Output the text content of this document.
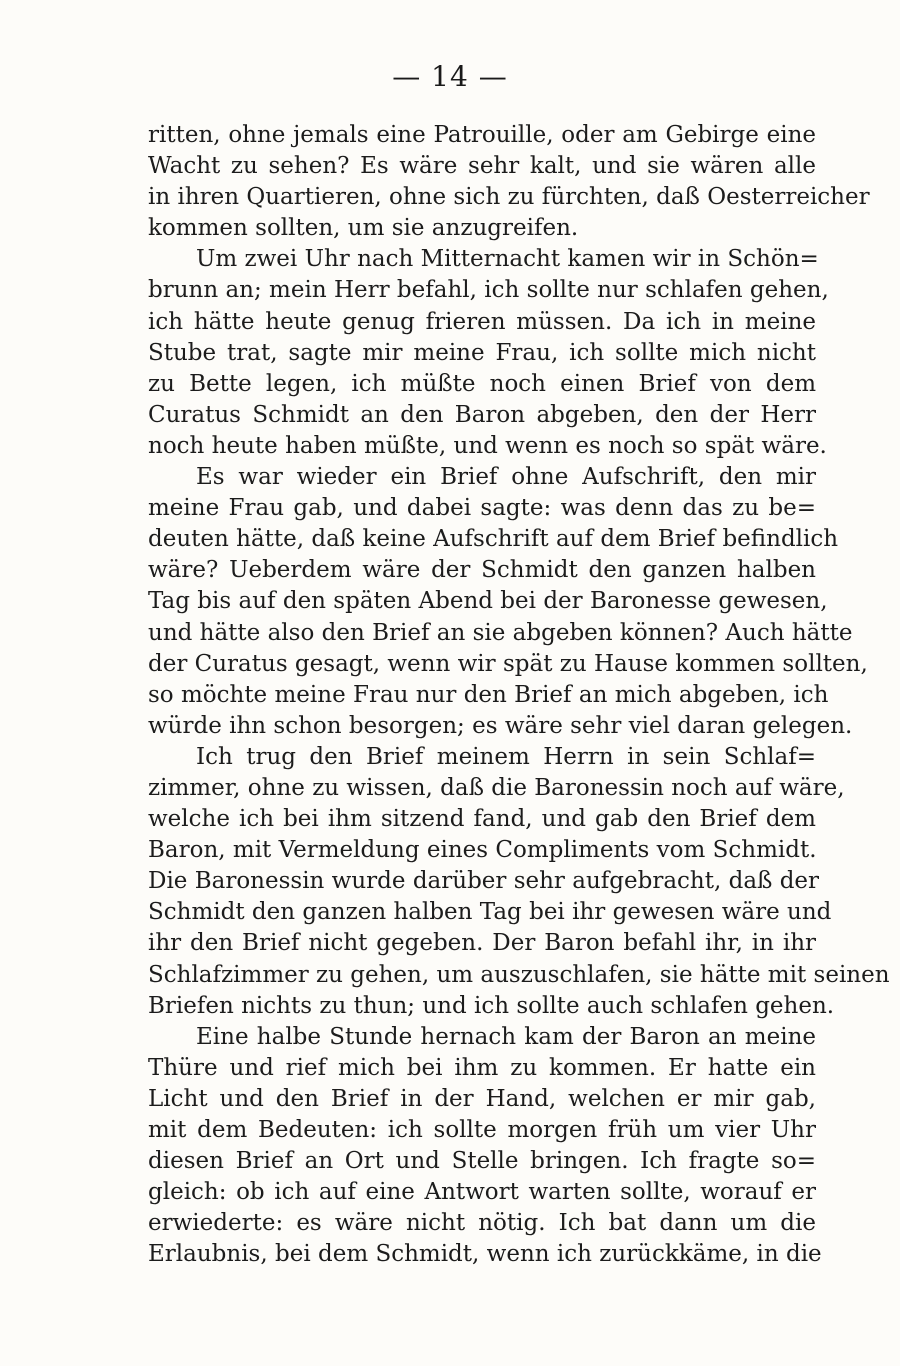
— 14 —
ritten, ohne jemals eine Patrouille, oder am Gebirge eine
Wacht zu sehen? Es wäre sehr kalt, und sie wären alle
in ihren Quartieren, ohne sich zu fürchten, daß Oesterreicher
kommen sollten, um sie anzugreifen.
Um zwei Uhr nach Mitternacht kamen wir in Schön=
brunn an; mein Herr befahl, ich sollte nur schlafen gehen,
ich hätte heute genug frieren müssen. Da ich in meine
Stube trat, sagte mir meine Frau, ich sollte mich nicht
zu Bette legen, ich müßte noch einen Brief von dem
Curatus Schmidt an den Baron abgeben, den der Herr
noch heute haben müßte, und wenn es noch so spät wäre.
Es war wieder ein Brief ohne Aufschrift, den mir
meine Frau gab, und dabei sagte: was denn das zu be=
deuten hätte, daß keine Aufschrift auf dem Brief befindlich
wäre? Ueberdem wäre der Schmidt den ganzen halben
Tag bis auf den späten Abend bei der Baronesse gewesen,
und hätte also den Brief an sie abgeben können? Auch hätte
der Curatus gesagt, wenn wir spät zu Hause kommen sollten,
so möchte meine Frau nur den Brief an mich abgeben, ich
würde ihn schon besorgen; es wäre sehr viel daran gelegen.
Ich trug den Brief meinem Herrn in sein Schlaf=
zimmer, ohne zu wissen, daß die Baronessin noch auf wäre,
welche ich bei ihm sitzend fand, und gab den Brief dem
Baron, mit Vermeldung eines Compliments vom Schmidt.
Die Baronessin wurde darüber sehr aufgebracht, daß der
Schmidt den ganzen halben Tag bei ihr gewesen wäre und
ihr den Brief nicht gegeben. Der Baron befahl ihr, in ihr
Schlafzimmer zu gehen, um auszuschlafen, sie hätte mit seinen
Briefen nichts zu thun; und ich sollte auch schlafen gehen.
Eine halbe Stunde hernach kam der Baron an meine
Thüre und rief mich bei ihm zu kommen. Er hatte ein
Licht und den Brief in der Hand, welchen er mir gab,
mit dem Bedeuten: ich sollte morgen früh um vier Uhr
diesen Brief an Ort und Stelle bringen. Ich fragte so=
gleich: ob ich auf eine Antwort warten sollte, worauf er
erwiederte: es wäre nicht nötig. Ich bat dann um die
Erlaubnis, bei dem Schmidt, wenn ich zurückkäme, in die
